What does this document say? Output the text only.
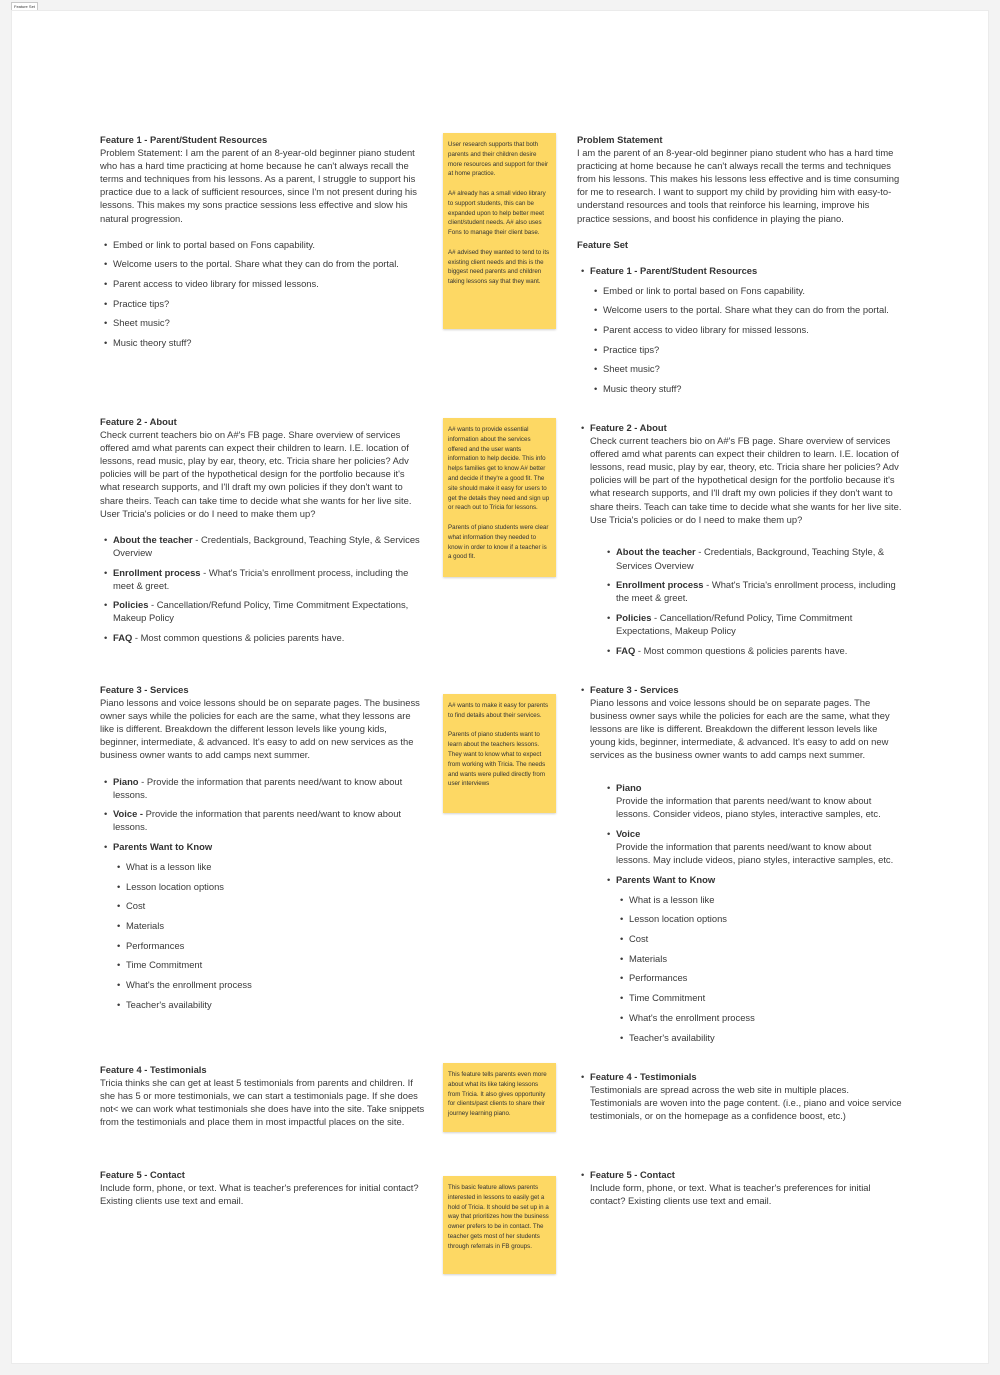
Feature Set
Feature 1 - Parent/Student Resources
Problem Statement: I am the parent of an 8-year-old beginner piano student who has a hard time practicing at home because he can't always recall the terms and techniques from his lessons. As a parent, I struggle to support his practice due to a lack of sufficient resources, since I'm not present during his lessons. This makes my sons practice sessions less effective and slow his natural progression.
• Embed or link to portal based on Fons capability.
• Welcome users to the portal. Share what they can do from the portal.
• Parent access to video library for missed lessons.
• Practice tips?
• Sheet music?
• Music theory stuff?
Feature 2 - About
Check current teachers bio on A#'s FB page. Share overview of services offered amd what parents can expect their children to learn. I.E. location of lessons, read music, play by ear, theory, etc. Tricia share her policies? Adv policies will be part of the hypothetical design for the portfolio because it's what research supports, and I'll draft my own policies if they don't want to share theirs. Teach can take time to decide what she wants for her live site. User Tricia's policies or do I need to make them up?
• About the teacher - Credentials, Background, Teaching Style, & Services Overview
• Enrollment process - What's Tricia's enrollment process, including the meet & greet.
• Policies - Cancellation/Refund Policy, Time Commitment Expectations, Makeup Policy
• FAQ - Most common questions & policies parents have.
Feature 3 - Services
Piano lessons and voice lessons should be on separate pages. The business owner says while the policies for each are the same, what they lessons are like is different. Breakdown the different lesson levels like young kids, beginner, intermediate, & advanced. It's easy to add on new services as the business owner wants to add camps next summer.
• Piano - Provide the information that parents need/want to know about lessons.
• Voice - Provide the information that parents need/want to know about lessons.
• Parents Want to Know
• What is a lesson like
• Lesson location options
• Cost
• Materials
• Performances
• Time Commitment
• What's the enrollment process
• Teacher's availability
Feature 4 - Testimonials
Tricia thinks she can get at least 5 testimonials from parents and children. If she has 5 or more testimonials, we can start a testimonials page. If she does not< we can work what testimonials she does have into the site. Take snippets from the testimonials and place them in most impactful places on the site.
Feature 5 - Contact
Include form, phone, or text. What is teacher's preferences for initial contact? Existing clients use text and email.

User research supports that both parents and their children desire more resources and support for their at home practice.

A# already has a small video library to support students, this can be expanded upon to help better meet client/student needs. A# also uses Fons to manage their client base.

A# advised they wanted to tend to its existing client needs and this is the biggest need parents and children taking lessons say that they want.

A# wants to provide essential information about the services offered and the user wants information to help decide. This info helps families get to know A# better and decide if they're a good fit. The site should make it easy for users to get the details they need and sign up or reach out to Tricia for lessons.

Parents of piano students were clear what information they needed to know in order to know if a teacher is a good fit.

A# wants to make it easy for parents to find details about their services.

Parents of piano students want to learn about the teachers lessons. They want to know what to expect from working with Tricia. The needs and wants were pulled directly from user interviews

This feature tells parents even more about what its like taking lessons from Tricia. It also gives opportunity for clients/past clients to share their journey learning piano.

This basic feature allows parents interested in lessons to easily get a hold of Tricia. It should be set up in a way that prioritizes how the business owner prefers to be in contact. The teacher gets most of her students through referrals in FB groups.

Problem Statement
I am the parent of an 8-year-old beginner piano student who has a hard time practicing at home because he can't always recall the terms and techniques from his lessons. This makes his lessons less effective and is time consuming for me to research. I want to support my child by providing him with easy-to-understand resources and tools that reinforce his learning, improve his practice sessions, and boost his confidence in playing the piano.
Feature Set
• Feature 1 - Parent/Student Resources
• Embed or link to portal based on Fons capability.
• Welcome users to the portal. Share what they can do from the portal.
• Parent access to video library for missed lessons.
• Practice tips?
• Sheet music?
• Music theory stuff?
• Feature 2 - About
Check current teachers bio on A#'s FB page. Share overview of services offered amd what parents can expect their children to learn. I.E. location of lessons, read music, play by ear, theory, etc. Tricia share her policies? Adv policies will be part of the hypothetical design for the portfolio because it's what research supports, and I'll draft my own policies if they don't want to share theirs. Teach can take time to decide what she wants for her live site. Use Tricia's policies or do I need to make them up?
• About the teacher - Credentials, Background, Teaching Style, & Services Overview
• Enrollment process - What's Tricia's enrollment process, including the meet & greet.
• Policies - Cancellation/Refund Policy, Time Commitment Expectations, Makeup Policy
• FAQ - Most common questions & policies parents have.
• Feature 3 - Services
Piano lessons and voice lessons should be on separate pages. The business owner says while the policies for each are the same, what they lessons are like is different. Breakdown the different lesson levels like young kids, beginner, intermediate, & advanced. It's easy to add on new services as the business owner wants to add camps next summer.
• Piano
Provide the information that parents need/want to know about lessons. Consider videos, piano styles, interactive samples, etc.
• Voice
Provide the information that parents need/want to know about lessons. May include videos, piano styles, interactive samples, etc.
• Parents Want to Know
• What is a lesson like
• Lesson location options
• Cost
• Materials
• Performances
• Time Commitment
• What's the enrollment process
• Teacher's availability
• Feature 4 - Testimonials
Testimonials are spread across the web site in multiple places. Testimonials are woven into the page content. (i.e., piano and voice service testimonials, or on the homepage as a confidence boost, etc.)
• Feature 5 - Contact
Include form, phone, or text. What is teacher's preferences for initial contact? Existing clients use text and email.
